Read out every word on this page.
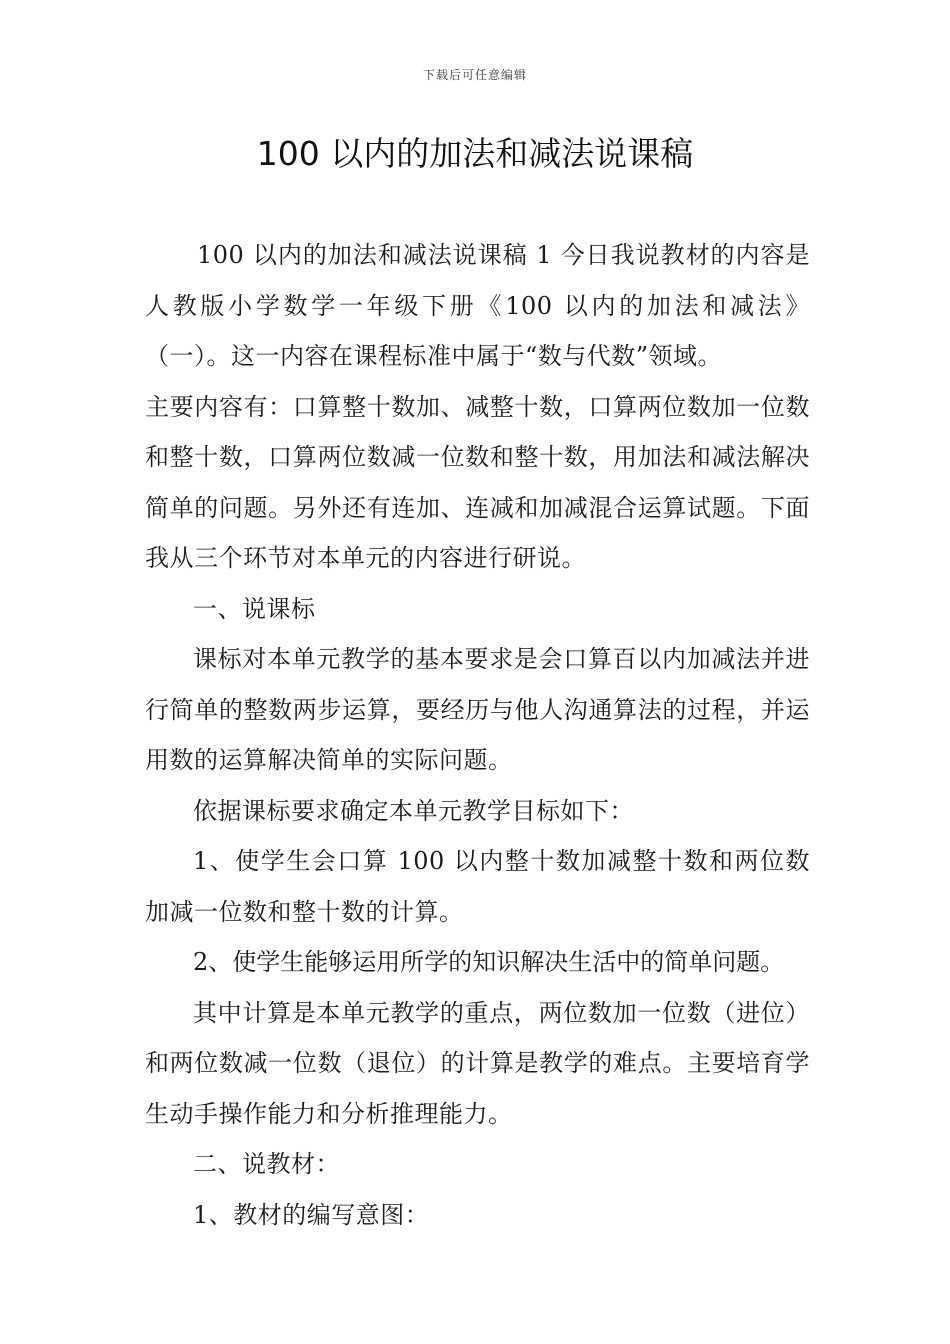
下载后可任意编辑
100 以内的加法和减法说课稿

100 以内的加法和减法说课稿 1 今日我说教材的内容是人教版小学数学一年级下册《100 以内的加法和减法》（一）。这一内容在课程标准中属于“数与代数”领域。

主要内容有：口算整十数加、减整十数，口算两位数加一位数和整十数，口算两位数减一位数和整十数，用加法和减法解决简单的问题。另外还有连加、连减和加减混合运算试题。下面我从三个环节对本单元的内容进行研说。

一、说课标

课标对本单元教学的基本要求是会口算百以内加减法并进行简单的整数两步运算，要经历与他人沟通算法的过程，并运用数的运算解决简单的实际问题。

依据课标要求确定本单元教学目标如下：

1、使学生会口算 100 以内整十数加减整十数和两位数加减一位数和整十数的计算。

2、使学生能够运用所学的知识解决生活中的简单问题。

其中计算是本单元教学的重点，两位数加一位数（进位）和两位数减一位数（退位）的计算是教学的难点。主要培育学生动手操作能力和分析推理能力。

二、说教材：

1、教材的编写意图：
